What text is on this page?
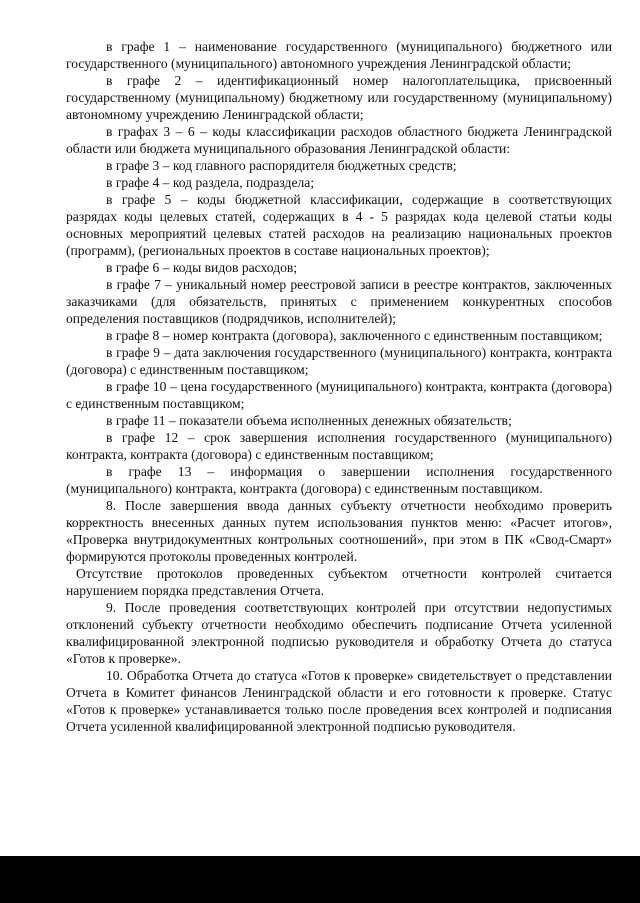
в графе 1 – наименование государственного (муниципального) бюджетного или государственного (муниципального) автономного учреждения Ленинградской области;

в графе 2 – идентификационный номер налогоплательщика, присвоенный государственному (муниципальному) бюджетному или государственному (муниципальному) автономному учреждению Ленинградской области;

в графах 3 – 6 – коды классификации расходов областного бюджета Ленинградской области или бюджета муниципального образования Ленинградской области:

в графе 3 – код главного распорядителя бюджетных средств;

в графе 4 – код раздела, подраздела;

в графе 5 – коды бюджетной классификации, содержащие в соответствующих разрядах коды целевых статей, содержащих в 4 - 5 разрядах кода целевой статьи коды основных мероприятий целевых статей расходов на реализацию национальных проектов (программ), (региональных проектов в составе национальных проектов);

в графе 6 – коды видов расходов;

в графе 7 – уникальный номер реестровой записи в реестре контрактов, заключенных заказчиками (для обязательств, принятых с применением конкурентных способов определения поставщиков (подрядчиков, исполнителей);

в графе 8 – номер контракта (договора), заключенного с единственным поставщиком;

в графе 9 – дата заключения государственного (муниципального) контракта, контракта (договора) с единственным поставщиком;

в графе 10 – цена государственного (муниципального) контракта, контракта (договора) с единственным поставщиком;

в графе 11 – показатели объема исполненных денежных обязательств;

в графе 12 – срок завершения исполнения государственного (муниципального) контракта, контракта (договора) с единственным поставщиком;

в графе 13 – информация о завершении исполнения государственного (муниципального) контракта, контракта (договора) с единственным поставщиком.

8. После завершения ввода данных субъекту отчетности необходимо проверить корректность внесенных данных путем использования пунктов меню: «Расчет итогов», «Проверка внутридокументных контрольных соотношений», при этом в ПК «Свод-Смарт» формируются протоколы проведенных контролей.

Отсутствие протоколов проведенных субъектом отчетности контролей считается нарушением порядка представления Отчета.

9. После проведения соответствующих контролей при отсутствии недопустимых отклонений субъекту отчетности необходимо обеспечить подписание Отчета усиленной квалифицированной электронной подписью руководителя и обработку Отчета до статуса «Готов к проверке».

10. Обработка Отчета до статуса «Готов к проверке» свидетельствует о представлении Отчета в Комитет финансов Ленинградской области и его готовности к проверке. Статус «Готов к проверке» устанавливается только после проведения всех контролей и подписания Отчета усиленной квалифицированной электронной подписью руководителя.
